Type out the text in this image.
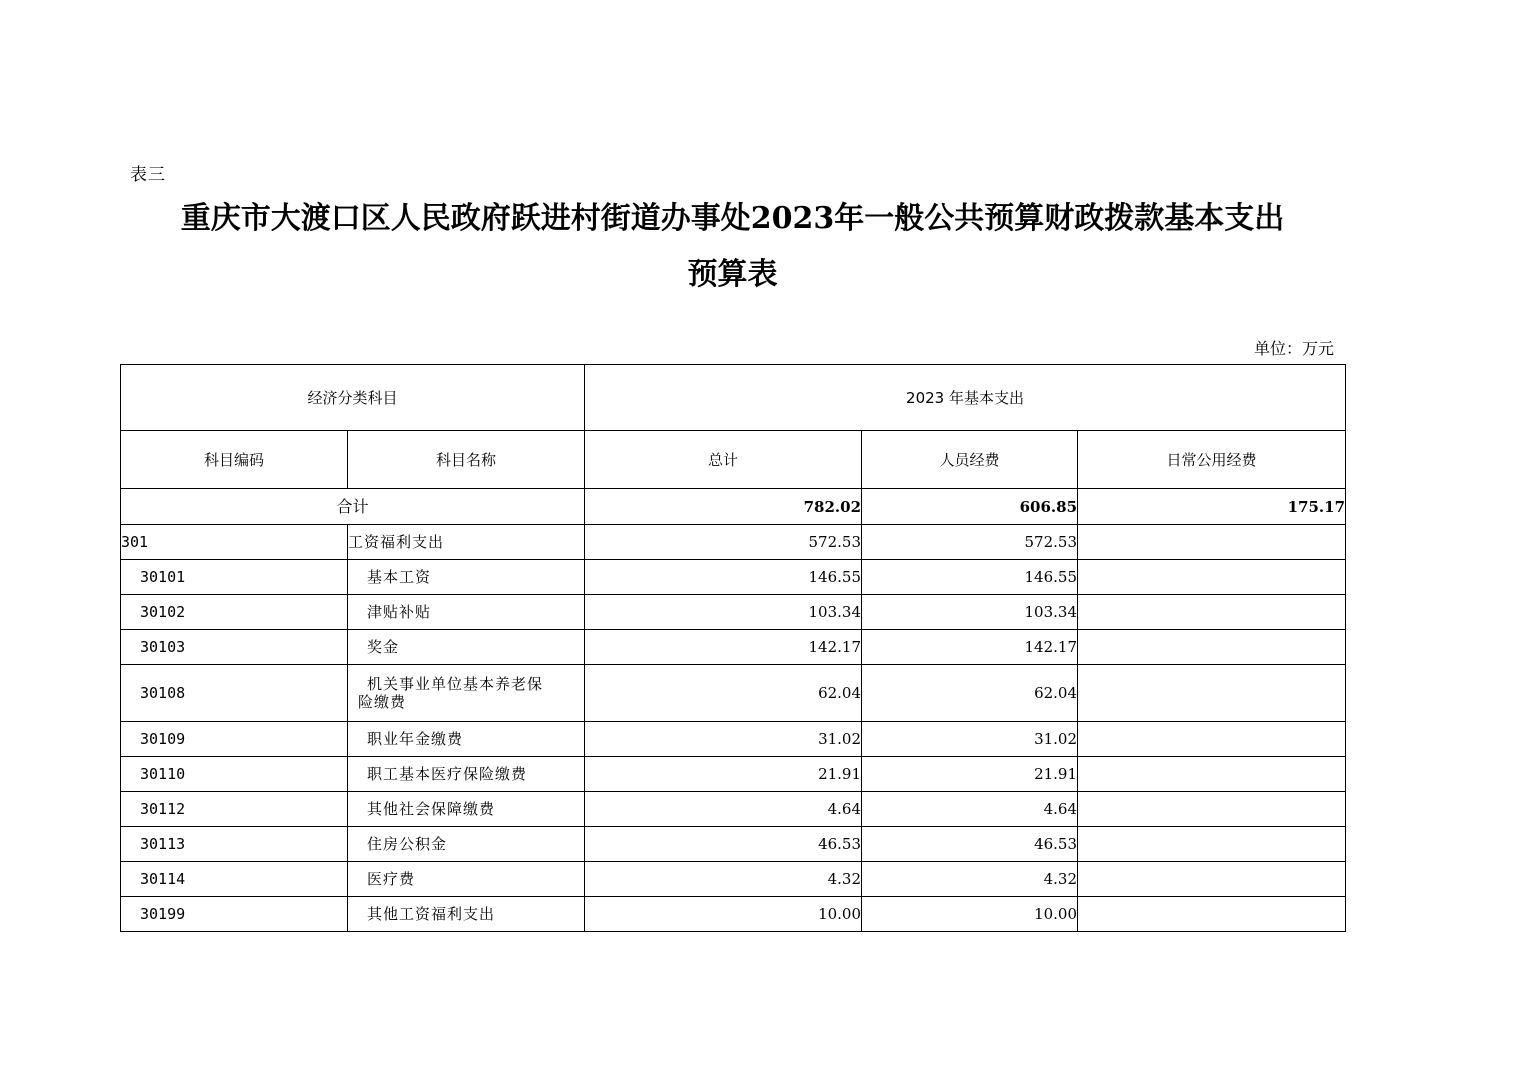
表三
重庆市大渡口区人民政府跃进村街道办事处2023年一般公共预算财政拨款基本支出
预算表
单位：万元
经济分类科目		2023 年基本支出		
科目编码	科目名称	总计	人员经费	日常公用经费
合计		782.02	606.85	175.17
301	工资福利支出	572.53	572.53	
30101	基本工资	146.55	146.55	
30102	津贴补贴	103.34	103.34	
30103	奖金	142.17	142.17	
30108	机关事业单位基本养老保
险缴费	62.04	62.04	
30109	职业年金缴费	31.02	31.02	
30110	职工基本医疗保险缴费	21.91	21.91	
30112	其他社会保障缴费	4.64	4.64	
30113	住房公积金	46.53	46.53	
30114	医疗费	4.32	4.32	
30199	其他工资福利支出	10.00	10.00	
